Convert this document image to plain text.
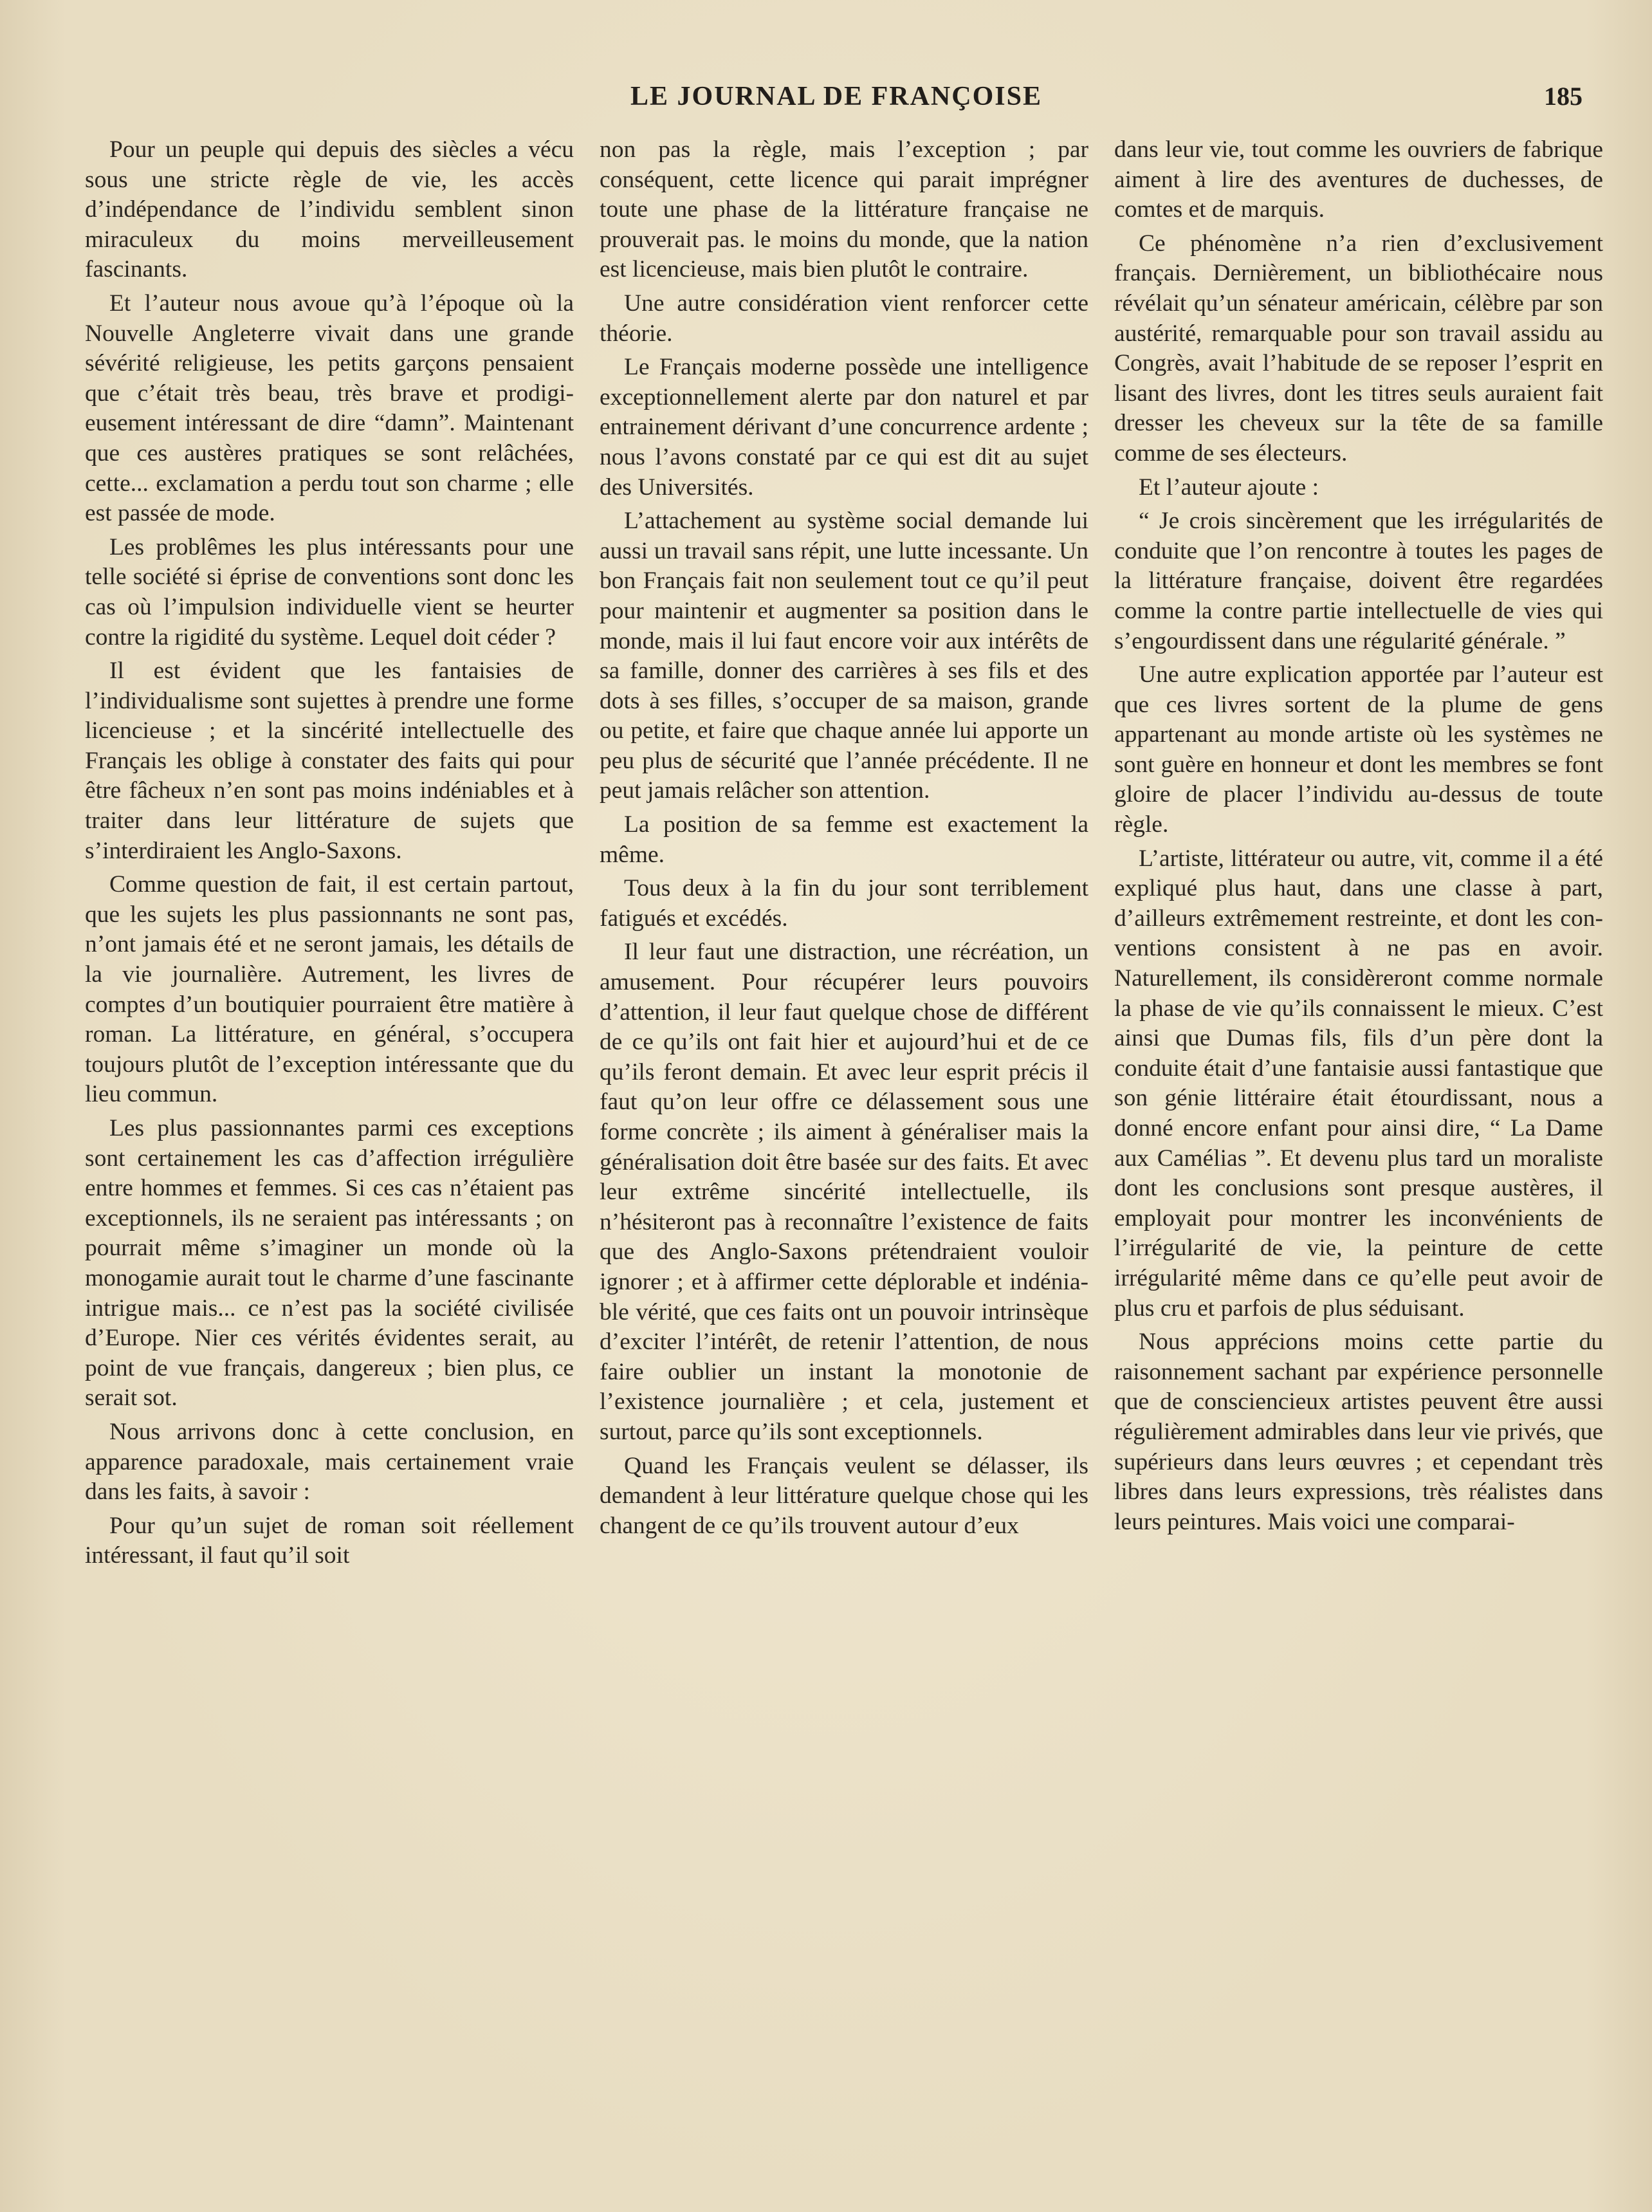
LE JOURNAL DE FRANÇOISE	185

Pour un peuple qui depuis des siècles a vécu sous une stricte règle de vie, les accès d’indépendance de l’individu semblent sinon miraculeux du moins merveilleusement fascinants.

Et l’auteur nous avoue qu’à l’époque où la Nouvelle Angleterre vivait dans une grande sévérité religieuse, les petits garçons pensaient que c’était très beau, très brave et prodigieusement intéressant de dire “damn”. Maintenant que ces austères pratiques se sont relâchées, cette... exclamation a perdu tout son charme ; elle est passée de mode.

Les problêmes les plus intéressants pour une telle société si éprise de conventions sont donc les cas où l’impulsion individuelle vient se heurter contre la rigidité du système. Lequel doit céder ?

Il est évident que les fantaisies de l’individualisme sont sujettes à prendre une forme licencieuse ; et la sincérité intellectuelle des Français les oblige à constater des faits qui pour être fâcheux n’en sont pas moins indéniables et à traiter dans leur littérature de sujets que s’interdiraient les Anglo-Saxons.

Comme question de fait, il est certain partout, que les sujets les plus passionnants ne sont pas, n’ont jamais été et ne seront jamais, les détails de la vie journalière. Autrement, les livres de comptes d’un boutiquier pourraient être matière à roman. La littérature, en général, s’occupera toujours plutôt de l’exception intéressante que du lieu commun.

Les plus passionnantes parmi ces exceptions sont certainement les cas d’affection irrégulière entre hommes et femmes. Si ces cas n’étaient pas exceptionnels, ils ne seraient pas intéressants ; on pourrait même s’imaginer un monde où la monogamie aurait tout le charme d’une fascinante intrigue mais... ce n’est pas la société civilisée d’Europe. Nier ces vérités évidentes serait, au point de vue français, dangereux ; bien plus, ce serait sot.

Nous arrivons donc à cette conclusion, en apparence paradoxale, mais certainement vraie dans les faits, à savoir :

Pour qu’un sujet de roman soit réellement intéressant, il faut qu’il soit

non pas la règle, mais l’exception ; par conséquent, cette licence qui parait imprégner toute une phase de la littérature française ne prouverait pas. le moins du monde, que la nation est licencieuse, mais bien plutôt le contraire.

Une autre considération vient renforcer cette théorie.

Le Français moderne possède une intelligence exceptionnellement alerte par don naturel et par entrainement dérivant d’une concurrence ardente ; nous l’avons constaté par ce qui est dit au sujet des Universités.

L’attachement au système social demande lui aussi un travail sans répit, une lutte incessante. Un bon Français fait non seulement tout ce qu’il peut pour maintenir et augmenter sa position dans le monde, mais il lui faut encore voir aux intérêts de sa famille, donner des carrières à ses fils et des dots à ses filles, s’occuper de sa maison, grande ou petite, et faire que chaque année lui apporte un peu plus de sécurité que l’année précédente. Il ne peut jamais relâcher son attention.

La position de sa femme est exactement la même.

Tous deux à la fin du jour sont terriblement fatigués et excédés.

Il leur faut une distraction, une récréation, un amusement. Pour récupérer leurs pouvoirs d’attention, il leur faut quelque chose de différent de ce qu’ils ont fait hier et aujourd’hui et de ce qu’ils feront demain. Et avec leur esprit précis il faut qu’on leur offre ce délassement sous une forme concrète ; ils aiment à généraliser mais la généralisation doit être basée sur des faits. Et avec leur extrême sincérité intellectuelle, ils n’hésiteront pas à reconnaître l’existence de faits que des Anglo-Saxons prétendraient vouloir ignorer ; et à affirmer cette déplorable et indéniable vérité, que ces faits ont un pouvoir intrinsèque d’exciter l’intérêt, de retenir l’attention, de nous faire oublier un instant la monotonie de l’existence journalière ; et cela, justement et surtout, parce qu’ils sont exceptionnels.

Quand les Français veulent se délasser, ils demandent à leur littérature quelque chose qui les changent de ce qu’ils trouvent autour d’eux

dans leur vie, tout comme les ouvriers de fabrique aiment à lire des aventures de duchesses, de comtes et de marquis.

Ce phénomène n’a rien d’exclusivement français. Dernièrement, un bibliothécaire nous révélait qu’un sénateur américain, célèbre par son austérité, remarquable pour son travail assidu au Congrès, avait l’habitude de se reposer l’esprit en lisant des livres, dont les titres seuls auraient fait dresser les cheveux sur la tête de sa famille comme de ses électeurs.

Et l’auteur ajoute :

“ Je crois sincèrement que les irrégularités de conduite que l’on rencontre à toutes les pages de la littérature française, doivent être regardées comme la contre partie intellectuelle de vies qui s’engourdissent dans une régularité générale. ”

Une autre explication apportée par l’auteur est que ces livres sortent de la plume de gens appartenant au monde artiste où les systèmes ne sont guère en honneur et dont les membres se font gloire de placer l’individu au-dessus de toute règle.

L’artiste, littérateur ou autre, vit, comme il a été expliqué plus haut, dans une classe à part, d’ailleurs extrêmement restreinte, et dont les conventions consistent à ne pas en avoir. Naturellement, ils considèreront comme normale la phase de vie qu’ils connaissent le mieux. C’est ainsi que Dumas fils, fils d’un père dont la conduite était d’une fantaisie aussi fantastique que son génie littéraire était étourdissant, nous a donné encore enfant pour ainsi dire, “ La Dame aux Camélias ”. Et devenu plus tard un moraliste dont les conclusions sont presque austères, il employait pour montrer les inconvénients de l’irrégularité de vie, la peinture de cette irrégularité même dans ce qu’elle peut avoir de plus cru et parfois de plus séduisant.

Nous apprécions moins cette partie du raisonnement sachant par expérience personnelle que de consciencieux artistes peuvent être aussi régulièrement admirables dans leur vie privés, que supérieurs dans leurs œuvres ; et cependant très libres dans leurs expressions, très réalistes dans leurs peintures. Mais voici une comparai-
